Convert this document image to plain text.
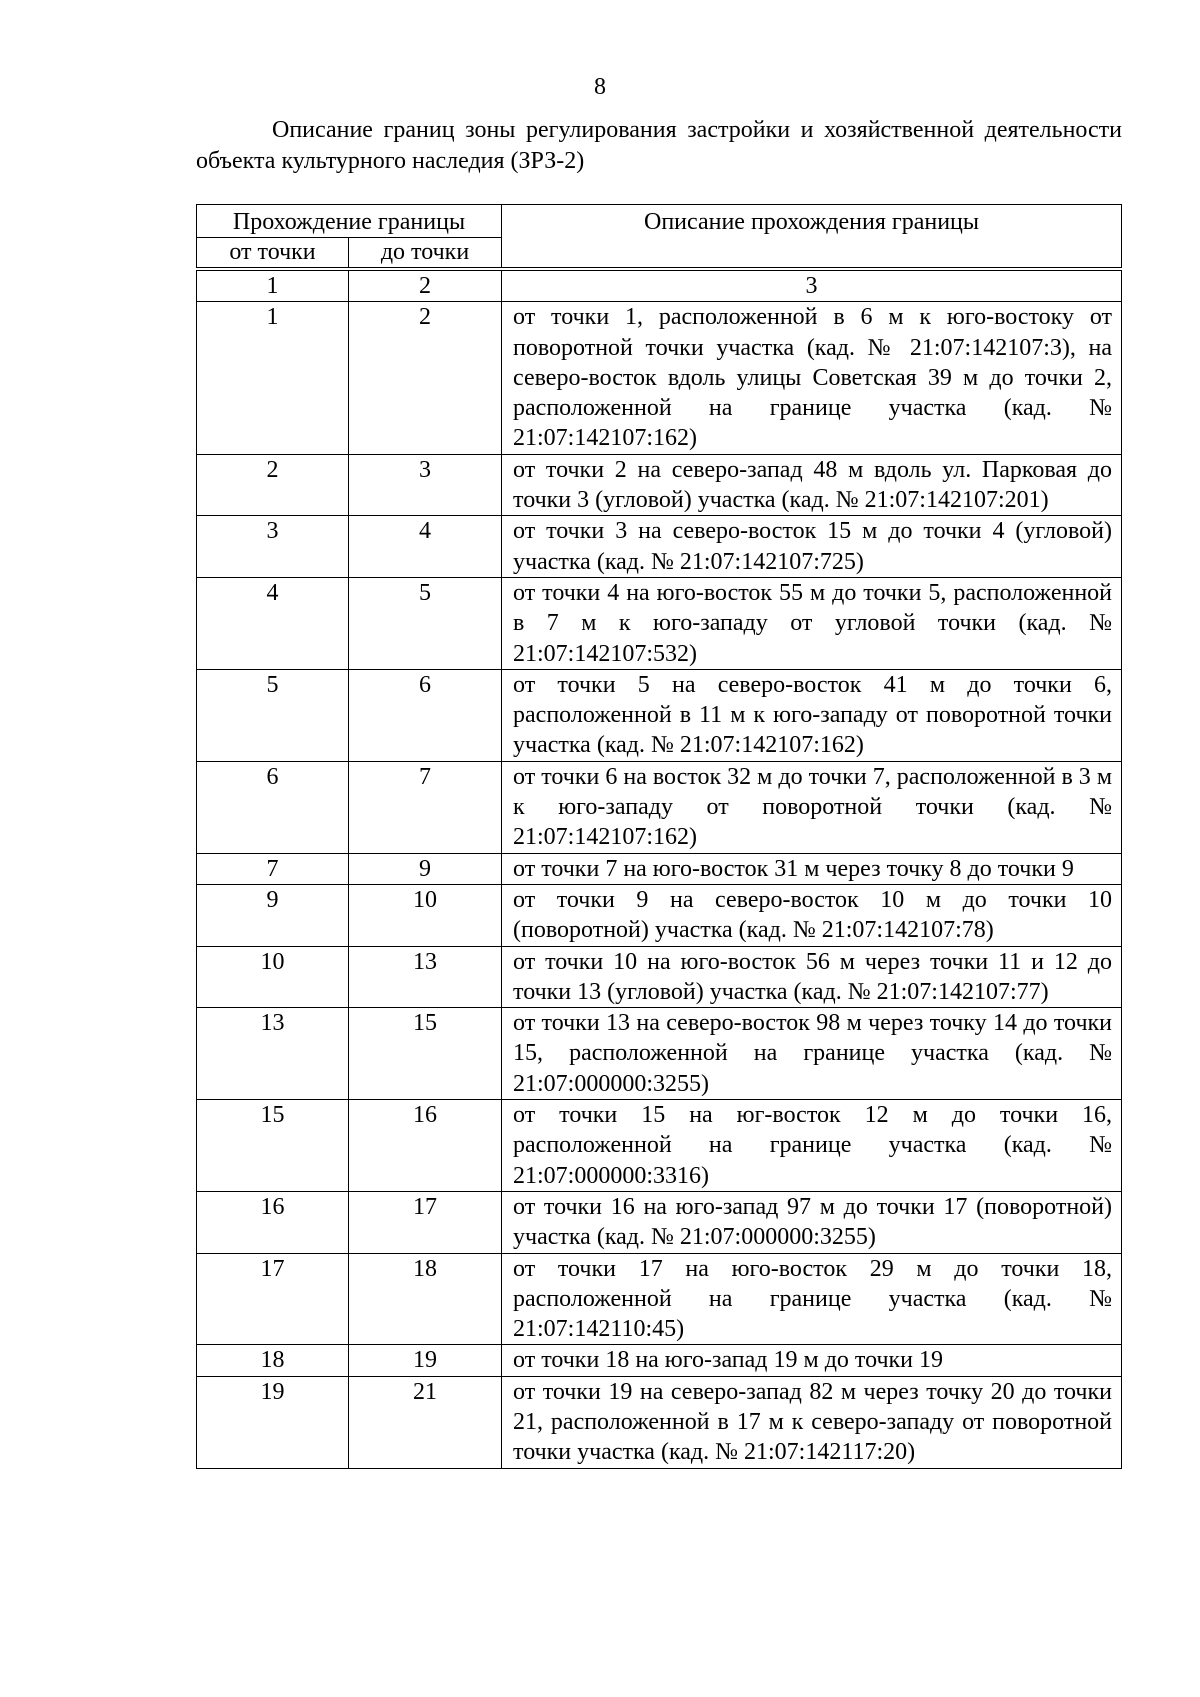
8
Описание границ зоны регулирования застройки и хозяйственной деятельности объекта культурного наследия (ЗРЗ-2)
Прохождение границы		Описание прохождения границы
от точки	до точки	
1	2	3
1	2	от точки 1, расположенной в 6 м к юго-востоку от поворотной точки участка (кад. № 21:07:142107:3), на северо-восток вдоль улицы Советская 39 м до точки 2, расположенной на границе участка (кад. № 21:07:142107:162)
2	3	от точки 2 на северо-запад 48 м вдоль ул. Парковая до точки 3 (угловой) участка (кад. № 21:07:142107:201)
3	4	от точки 3 на северо-восток 15 м до точки 4 (угловой) участка (кад. № 21:07:142107:725)
4	5	от точки 4 на юго-восток 55 м до точки 5, расположенной в 7 м к юго-западу от угловой точки (кад. № 21:07:142107:532)
5	6	от точки 5 на северо-восток 41 м до точки 6, расположенной в 11 м к юго-западу от поворотной точки участка (кад. № 21:07:142107:162)
6	7	от точки 6 на восток 32 м до точки 7, расположенной в 3 м к юго-западу от поворотной точки (кад. № 21:07:142107:162)
7	9	от точки 7 на юго-восток 31 м через точку 8 до точки 9
9	10	от точки 9 на северо-восток 10 м до точки 10 (поворотной) участка (кад. № 21:07:142107:78)
10	13	от точки 10 на юго-восток 56 м через точки 11 и 12 до точки 13 (угловой) участка (кад. № 21:07:142107:77)
13	15	от точки 13 на северо-восток 98 м через точку 14 до точки 15, расположенной на границе участка (кад. № 21:07:000000:3255)
15	16	от точки 15 на юг-восток 12 м до точки 16, расположенной на границе участка (кад. № 21:07:000000:3316)
16	17	от точки 16 на юго-запад 97 м до точки 17 (поворотной) участка (кад. № 21:07:000000:3255)
17	18	от точки 17 на юго-восток 29 м до точки 18, расположенной на границе участка (кад. № 21:07:142110:45)
18	19	от точки 18 на юго-запад 19 м до точки 19
19	21	от точки 19 на северо-запад 82 м через точку 20 до точки 21, расположенной в 17 м к северо-западу от поворотной точки участка (кад. № 21:07:142117:20)
